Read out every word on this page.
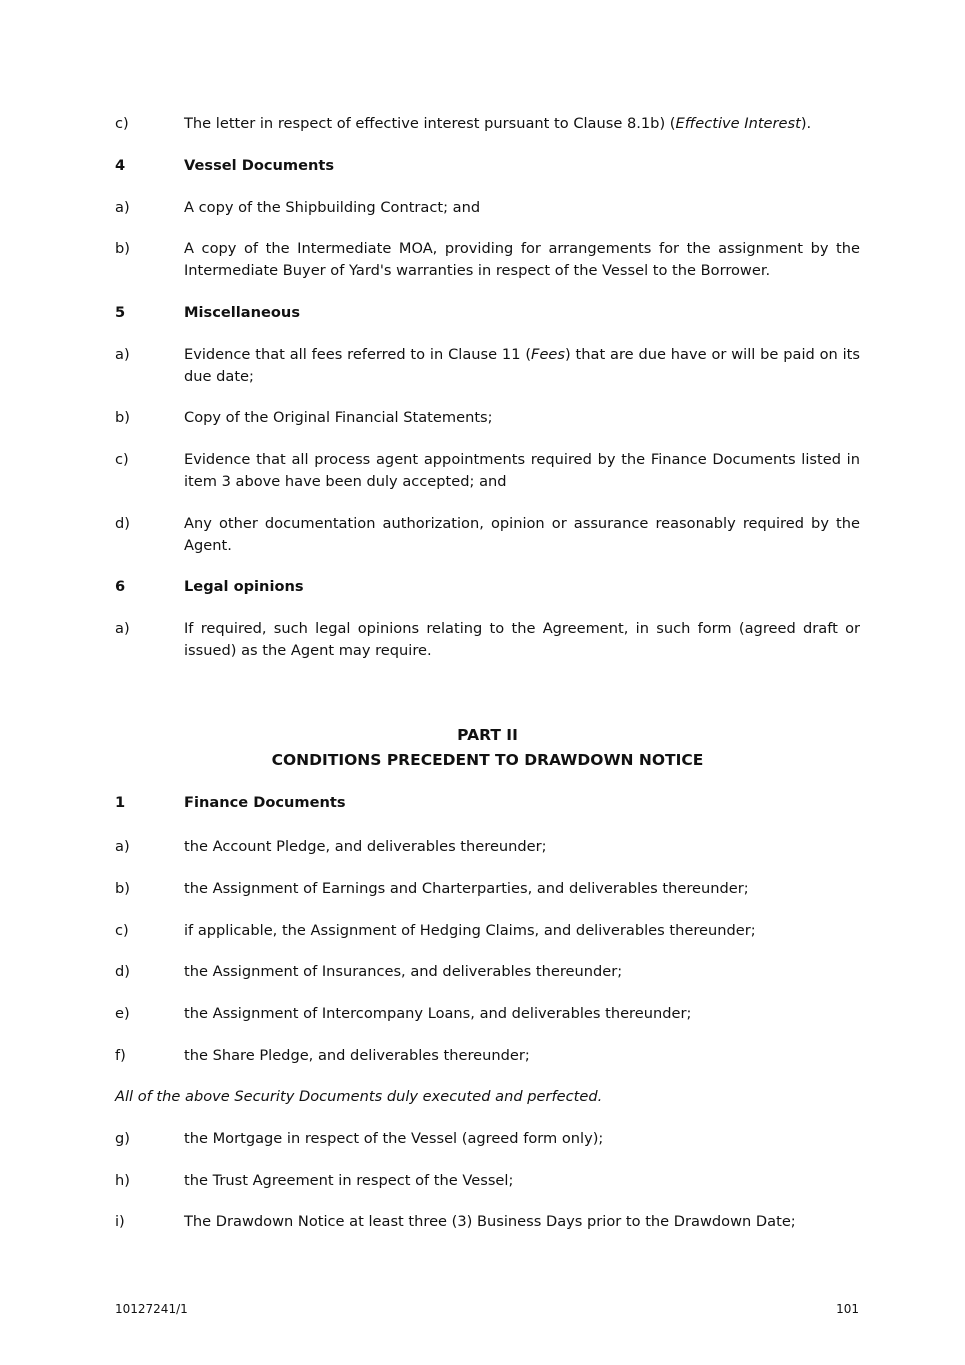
c)	The letter in respect of effective interest pursuant to Clause 8.1b) (Effective Interest).
4	Vessel Documents
a)	A copy of the Shipbuilding Contract; and
b)	A copy of the Intermediate MOA, providing for arrangements for the assignment by the Intermediate Buyer of Yard's warranties in respect of the Vessel to the Borrower.
5	Miscellaneous
a)	Evidence that all fees referred to in Clause 11 (Fees) that are due have or will be paid on its due date;
b)	Copy of the Original Financial Statements;
c)	Evidence that all process agent appointments required by the Finance Documents listed in item 3 above have been duly accepted; and
d)	Any other documentation authorization, opinion or assurance reasonably required by the Agent.
6	Legal opinions
a)	If required, such legal opinions relating to the Agreement, in such form (agreed draft or issued) as the Agent may require.
PART II
CONDITIONS PRECEDENT TO DRAWDOWN NOTICE
1	Finance Documents
a)	the Account Pledge, and deliverables thereunder;
b)	the Assignment of Earnings and Charterparties, and deliverables thereunder;
c)	if applicable, the Assignment of Hedging Claims, and deliverables thereunder;
d)	the Assignment of Insurances, and deliverables thereunder;
e)	the Assignment of Intercompany Loans, and deliverables thereunder;
f)	the Share Pledge, and deliverables thereunder;
All of the above Security Documents duly executed and perfected.
g)	the Mortgage in respect of the Vessel (agreed form only);
h)	the Trust Agreement in respect of the Vessel;
i)	The Drawdown Notice at least three (3) Business Days prior to the Drawdown Date;
10127241/1	101
